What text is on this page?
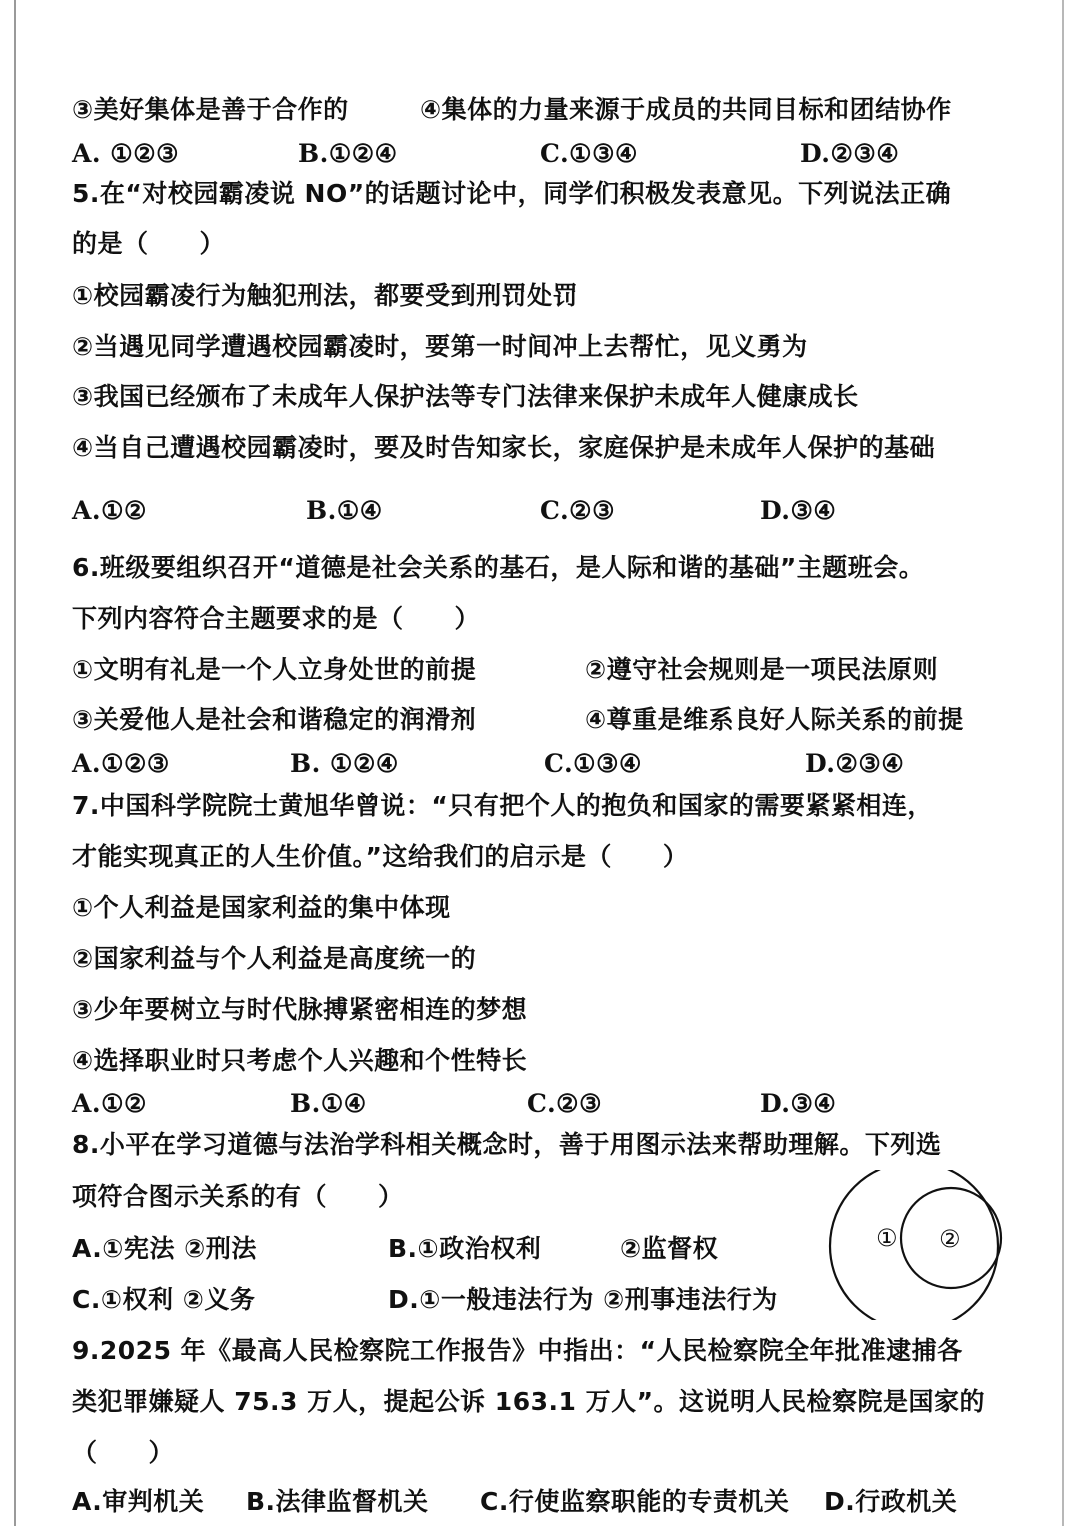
③美好集体是善于合作的	④集体的力量来源于成员的共同目标和团结协作
A. ①②③	B.①②④	C.①③④	D.②③④
5.在“对校园霸凌说 NO”的话题讨论中，同学们积极发表意见。下列说法正确
的是（　　）
①校园霸凌行为触犯刑法，都要受到刑罚处罚
②当遇见同学遭遇校园霸凌时，要第一时间冲上去帮忙，见义勇为
③我国已经颁布了未成年人保护法等专门法律来保护未成年人健康成长
④当自己遭遇校园霸凌时，要及时告知家长，家庭保护是未成年人保护的基础
A.①②	B.①④	C.②③	D.③④
6.班级要组织召开“道德是社会关系的基石，是人际和谐的基础”主题班会。
下列内容符合主题要求的是（　　）
①文明有礼是一个人立身处世的前提	②遵守社会规则是一项民法原则
③关爱他人是社会和谐稳定的润滑剂	④尊重是维系良好人际关系的前提
A.①②③	B. ①②④	C.①③④	D.②③④
7.中国科学院院士黄旭华曾说：“只有把个人的抱负和国家的需要紧紧相连，
才能实现真正的人生价值。”这给我们的启示是（　　）
①个人利益是国家利益的集中体现
②国家利益与个人利益是高度统一的
③少年要树立与时代脉搏紧密相连的梦想
④选择职业时只考虑个人兴趣和个性特长
A.①②	B.①④	C.②③	D.③④
8.小平在学习道德与法治学科相关概念时，善于用图示法来帮助理解。下列选
项符合图示关系的有（　　）
A.①宪法 ②刑法	B.①政治权利	②监督权
C.①权利 ②义务	D.①一般违法行为 ②刑事违法行为
① ②
9.2025 年《最高人民检察院工作报告》中指出：“人民检察院全年批准逮捕各
类犯罪嫌疑人 75.3 万人，提起公诉 163.1 万人”。这说明人民检察院是国家的
（　　）
A.审判机关 B.法律监督机关 C.行使监察职能的专责机关 D.行政机关
